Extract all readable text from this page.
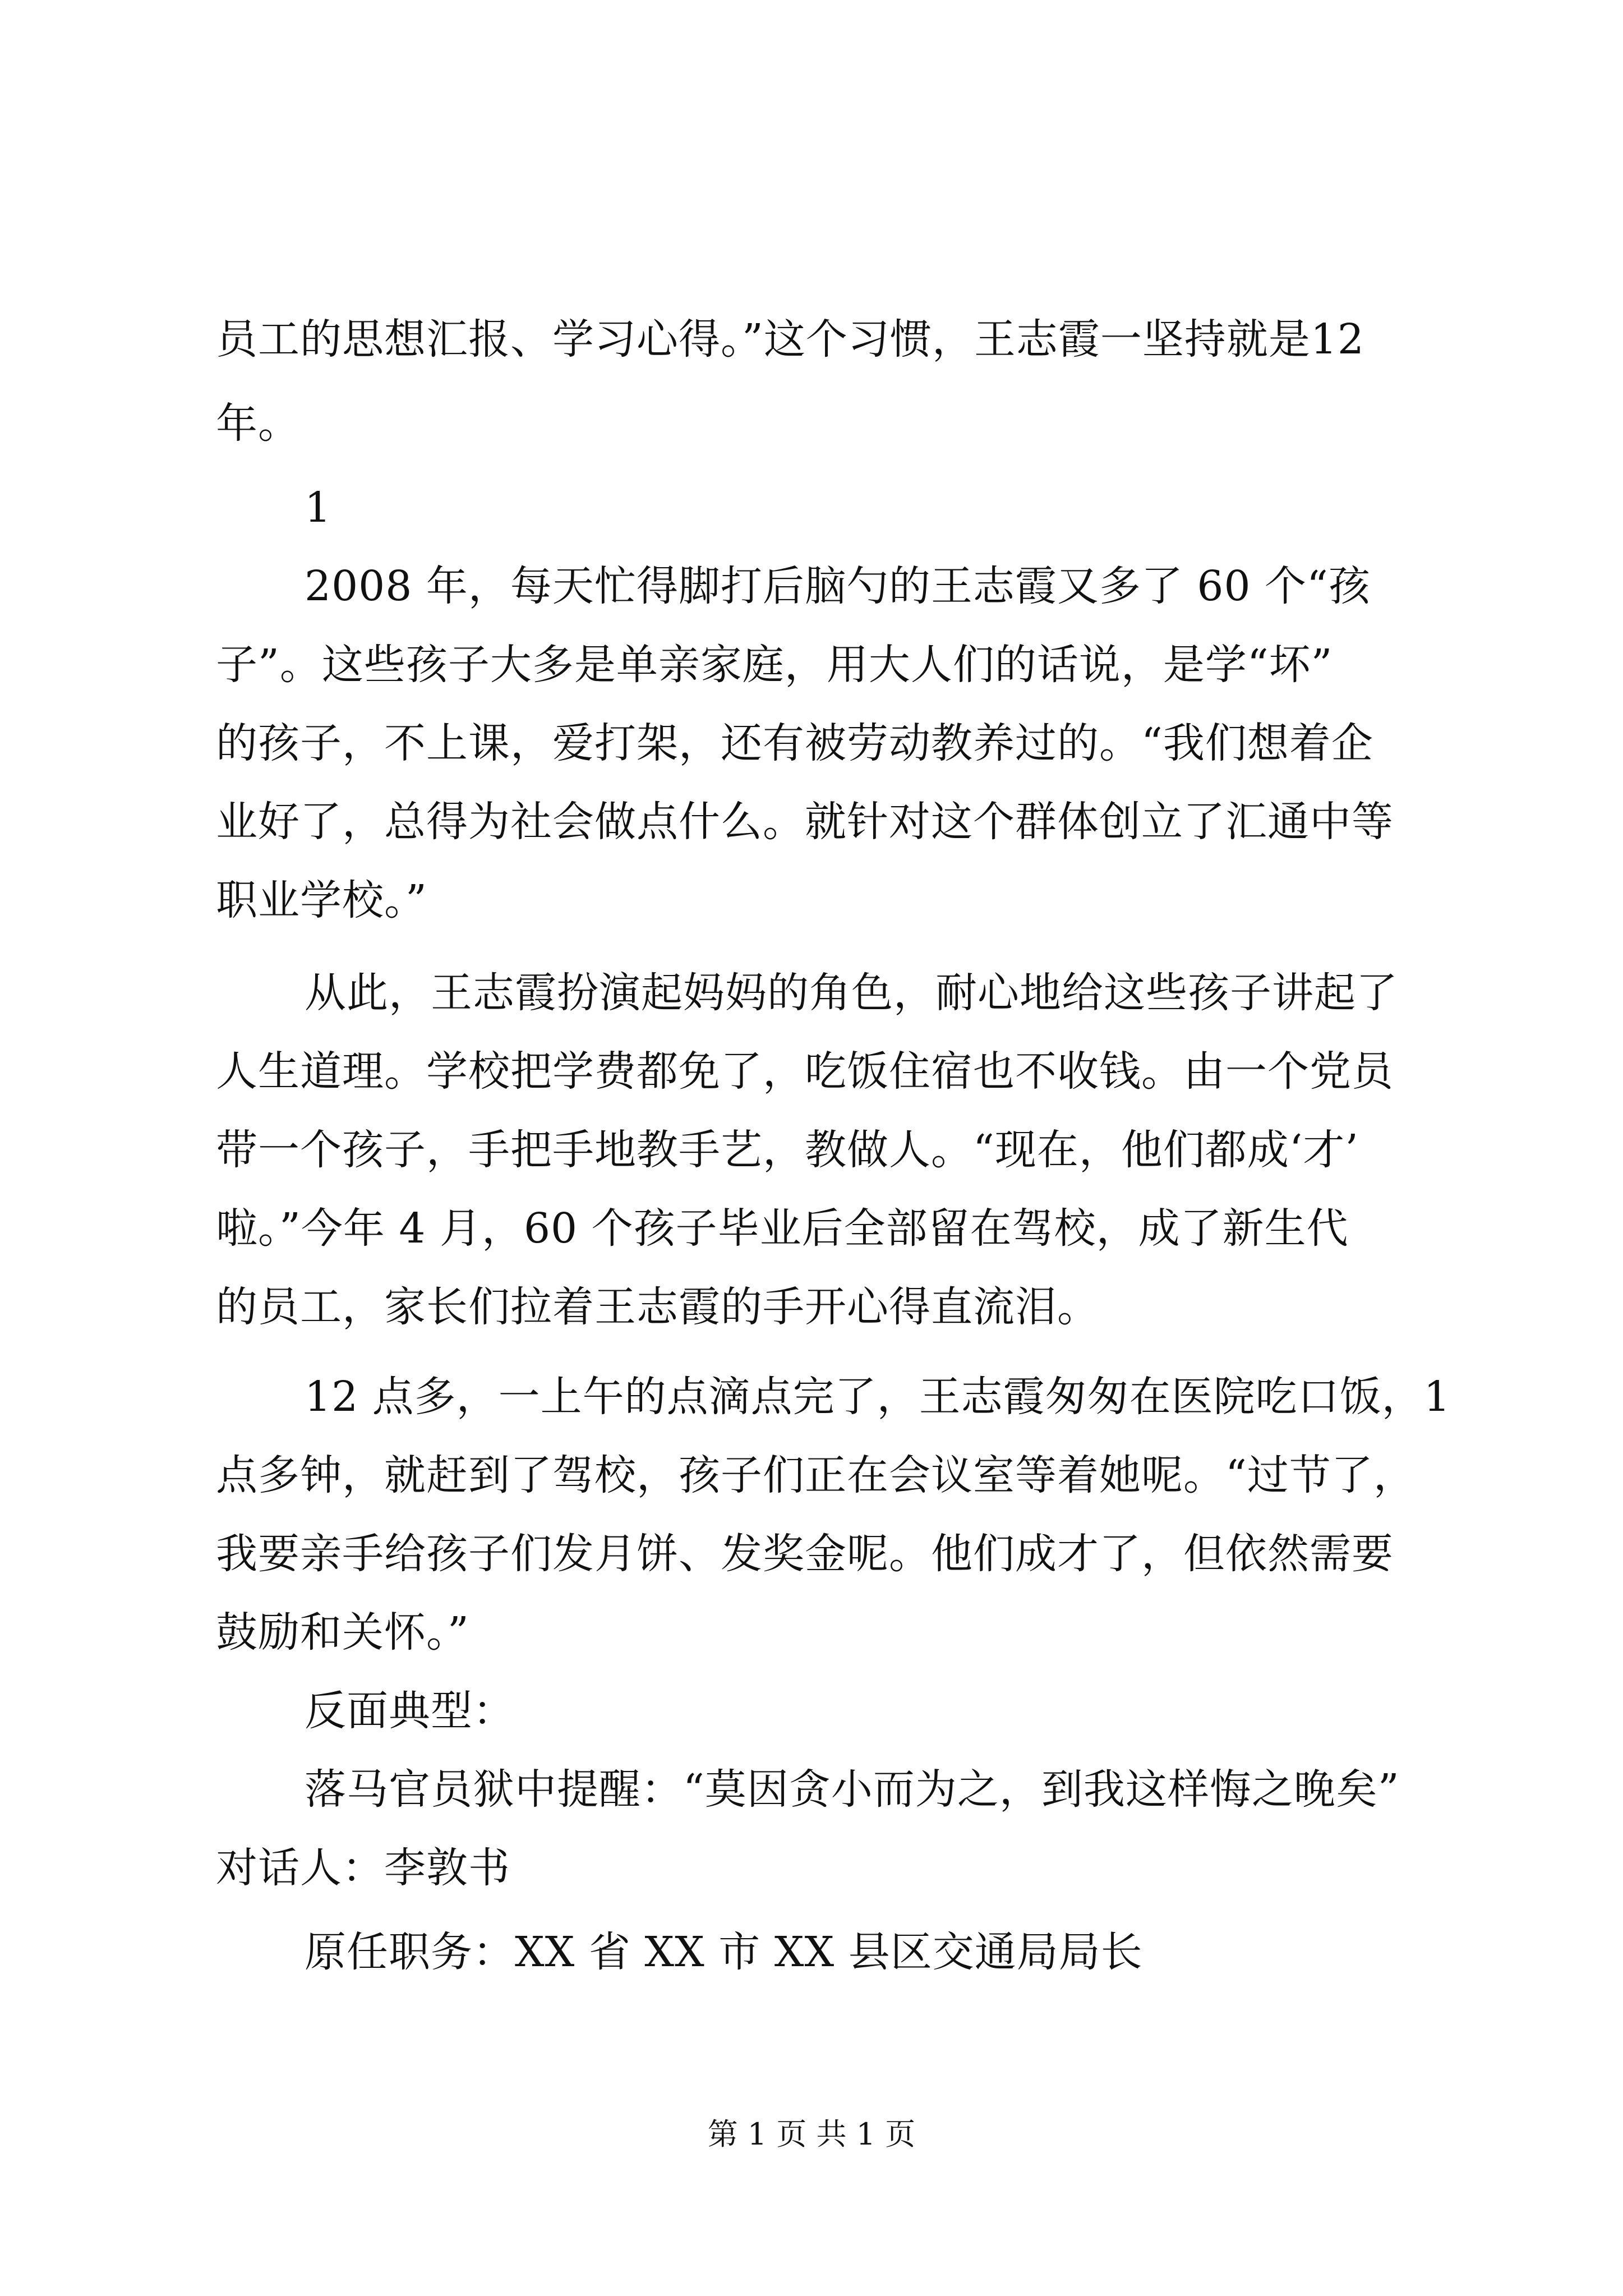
员工的思想汇报、学习心得。”这个习惯，王志霞一坚持就是12
年。
1
2008 年，每天忙得脚打后脑勺的王志霞又多了 60 个“孩
子”。这些孩子大多是单亲家庭，用大人们的话说，是学“坏”
的孩子，不上课，爱打架，还有被劳动教养过的。“我们想着企
业好了，总得为社会做点什么。就针对这个群体创立了汇通中等
职业学校。”
从此，王志霞扮演起妈妈的角色，耐心地给这些孩子讲起了
人生道理。学校把学费都免了，吃饭住宿也不收钱。由一个党员
带一个孩子，手把手地教手艺，教做人。“现在，他们都成‘才’
啦。”今年 4 月，60 个孩子毕业后全部留在驾校，成了新生代
的员工，家长们拉着王志霞的手开心得直流泪。
12 点多，一上午的点滴点完了，王志霞匆匆在医院吃口饭，1
点多钟，就赶到了驾校，孩子们正在会议室等着她呢。“过节了，
我要亲手给孩子们发月饼、发奖金呢。他们成才了，但依然需要
鼓励和关怀。”
反面典型：
落马官员狱中提醒：“莫因贪小而为之，到我这样悔之晚矣”
对话人：李敦书
原任职务：XX 省 XX 市 XX 县区交通局局长
第 1 页 共 1 页
